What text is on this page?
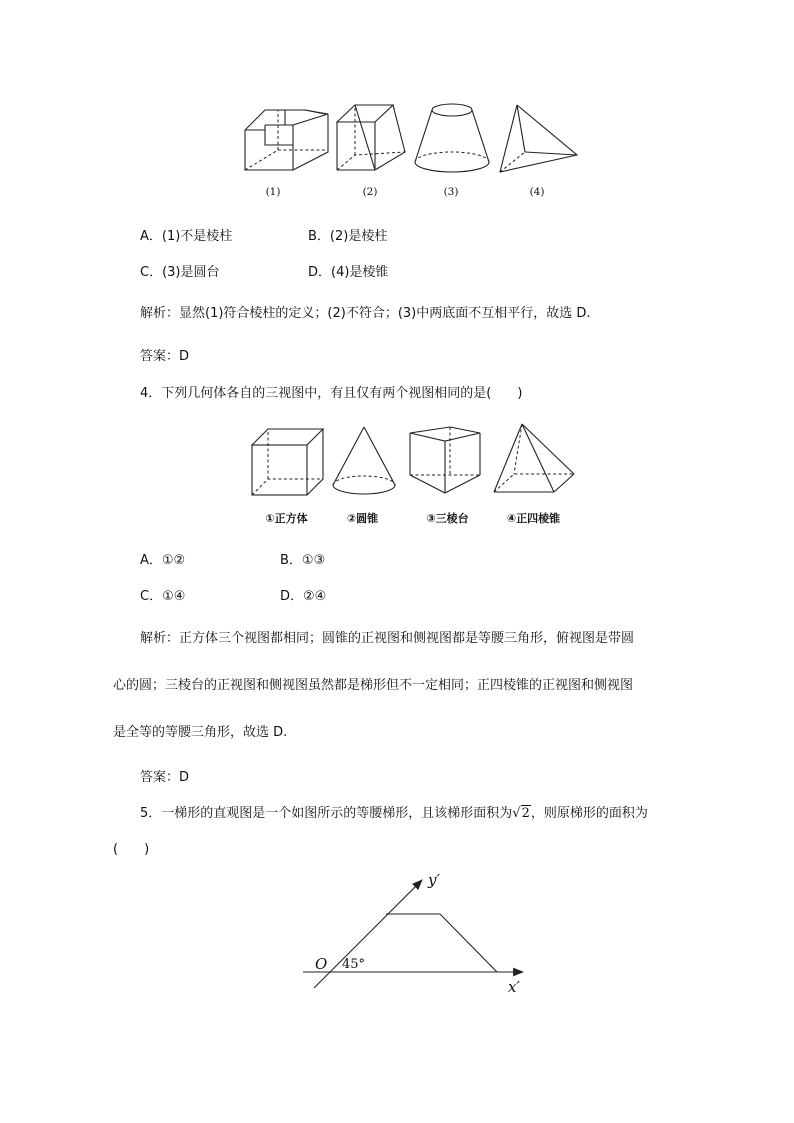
(1)	(2)	(3)	(4)
A．(1)不是棱柱	B．(2)是棱柱
C．(3)是圆台	D．(4)是棱锥
解析：显然(1)符合棱柱的定义；(2)不符合；(3)中两底面不互相平行，故选 D.
答案：D
4．下列几何体各自的三视图中，有且仅有两个视图相同的是(　　)
①正方体	②圆锥	③三棱台	④正四棱锥
A．①②	B．①③
C．①④	D．②④
解析：正方体三个视图都相同；圆锥的正视图和侧视图都是等腰三角形，俯视图是带圆
心的圆；三棱台的正视图和侧视图虽然都是梯形但不一定相同；正四棱锥的正视图和侧视图
是全等的等腰三角形，故选 D.
答案：D
5．一梯形的直观图是一个如图所示的等腰梯形，且该梯形面积为√2，则原梯形的面积为
(　　)
O 45°
y′
x′
